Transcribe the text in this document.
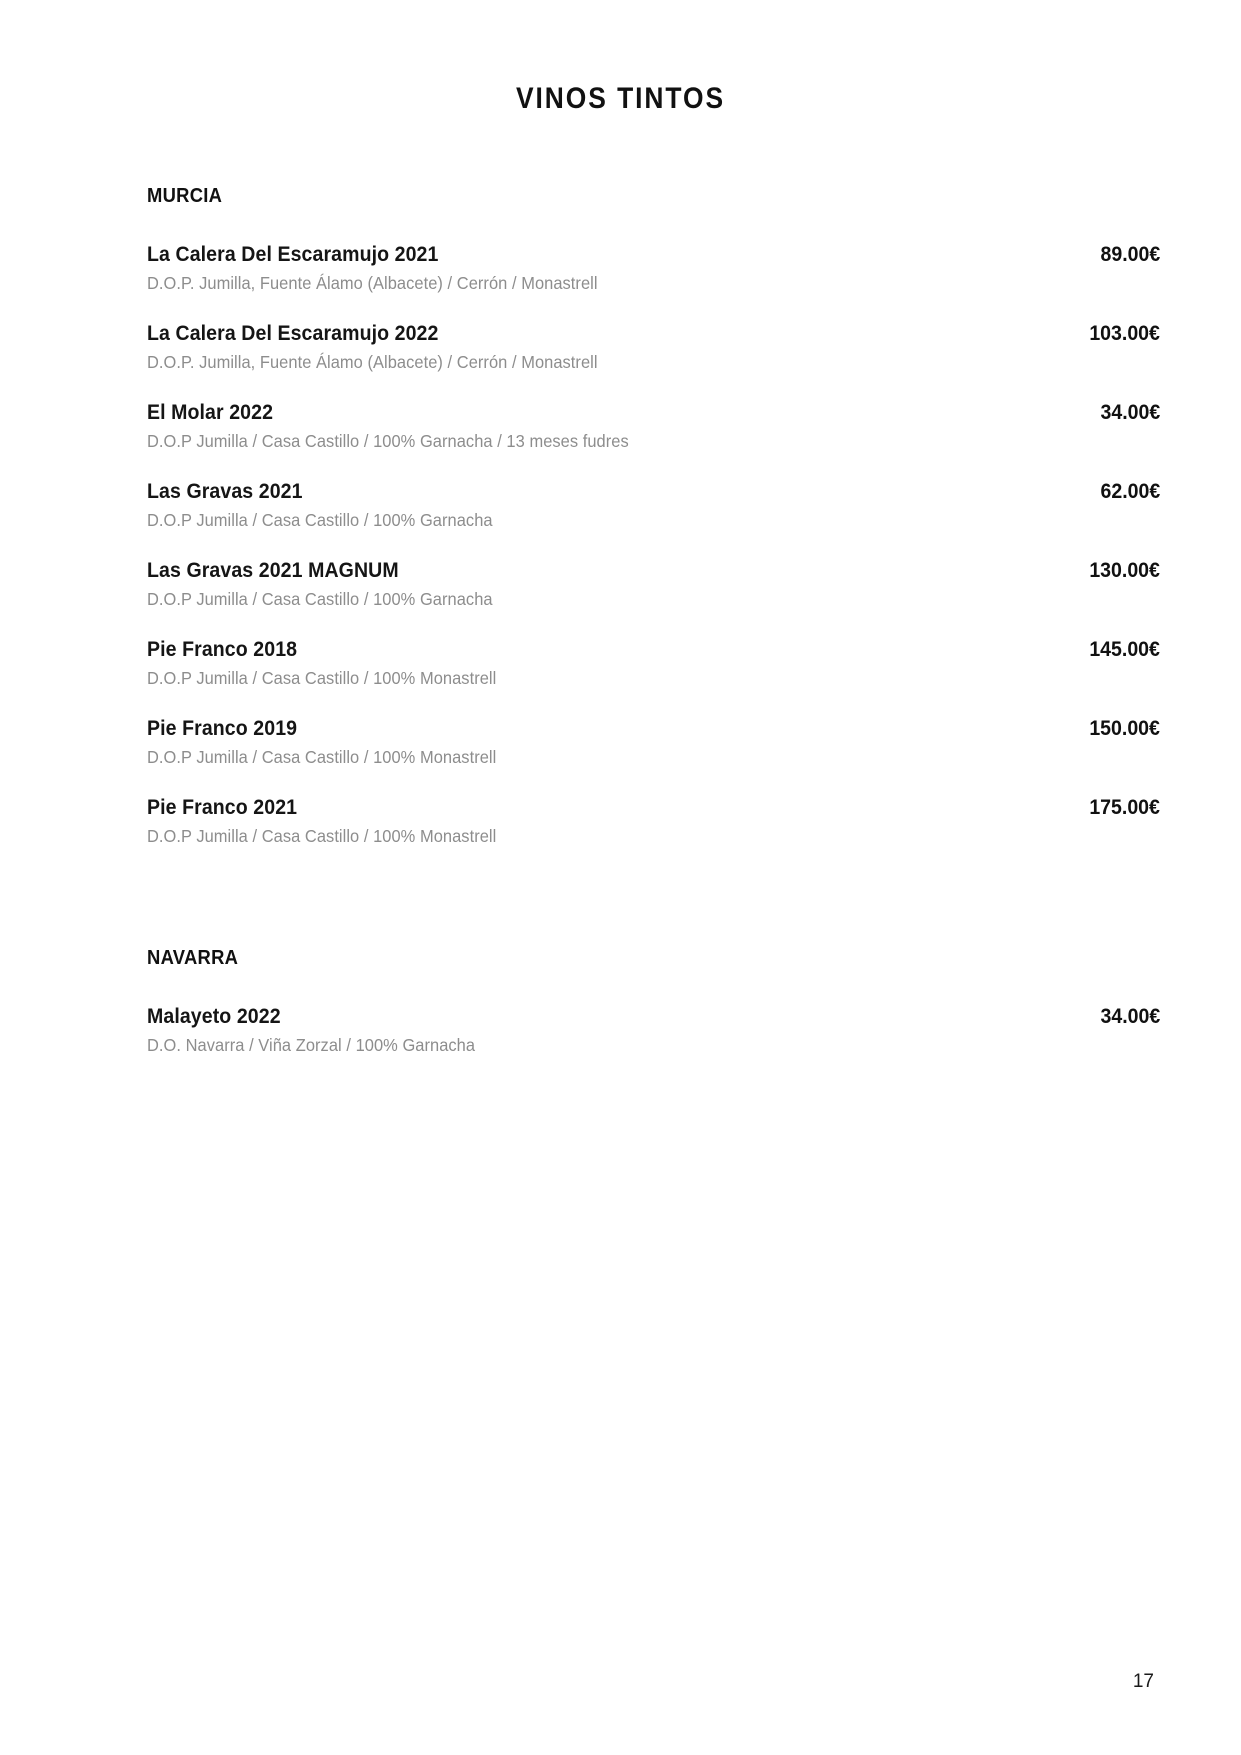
VINOS TINTOS
MURCIA
La Calera Del Escaramujo 2021	89.00€
D.O.P. Jumilla, Fuente Álamo (Albacete) / Cerrón / Monastrell
La Calera Del Escaramujo 2022	103.00€
D.O.P. Jumilla, Fuente Álamo (Albacete) / Cerrón / Monastrell
El Molar 2022	34.00€
D.O.P Jumilla / Casa Castillo / 100% Garnacha / 13 meses fudres
Las Gravas 2021	62.00€
D.O.P Jumilla / Casa Castillo / 100% Garnacha
Las Gravas 2021 MAGNUM	130.00€
D.O.P Jumilla / Casa Castillo / 100% Garnacha
Pie Franco 2018	145.00€
D.O.P Jumilla / Casa Castillo / 100% Monastrell
Pie Franco 2019	150.00€
D.O.P Jumilla / Casa Castillo / 100% Monastrell
Pie Franco 2021	175.00€
D.O.P Jumilla / Casa Castillo / 100% Monastrell
NAVARRA
Malayeto 2022	34.00€
D.O. Navarra / Viña Zorzal / 100% Garnacha
17
